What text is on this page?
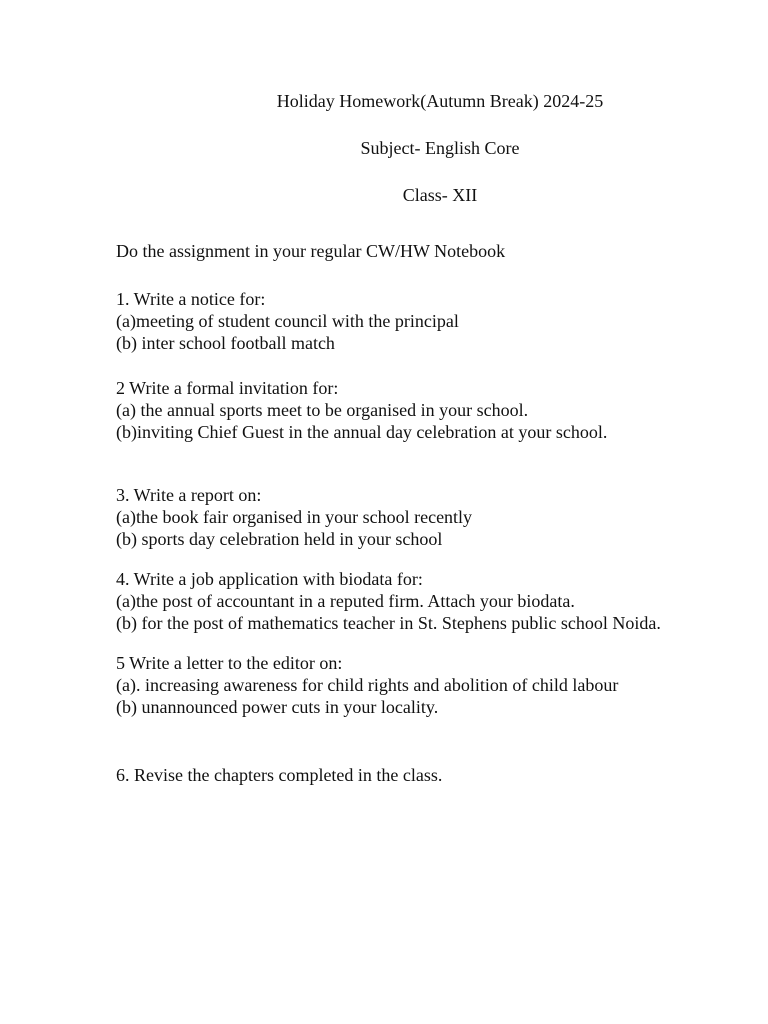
Holiday Homework(Autumn Break) 2024-25
Subject- English Core
Class- XII
Do the assignment in your regular CW/HW Notebook
1. Write a notice for:
(a)meeting of student council with the principal
(b) inter school football match
2 Write a formal invitation for:
(a) the annual sports meet to be organised in your school.
(b)inviting Chief Guest in the annual day celebration at your school.
3. Write a report on:
(a)the book fair organised in your school recently
(b) sports day celebration held in your school
4. Write a job application with biodata for:
(a)the post of accountant in a reputed firm. Attach your biodata.
(b) for the post of mathematics teacher in St. Stephens public school Noida.
5 Write a letter to the editor on:
(a). increasing awareness for child rights and abolition of child labour
(b) unannounced power cuts in your locality.
6. Revise the chapters completed in the class.
